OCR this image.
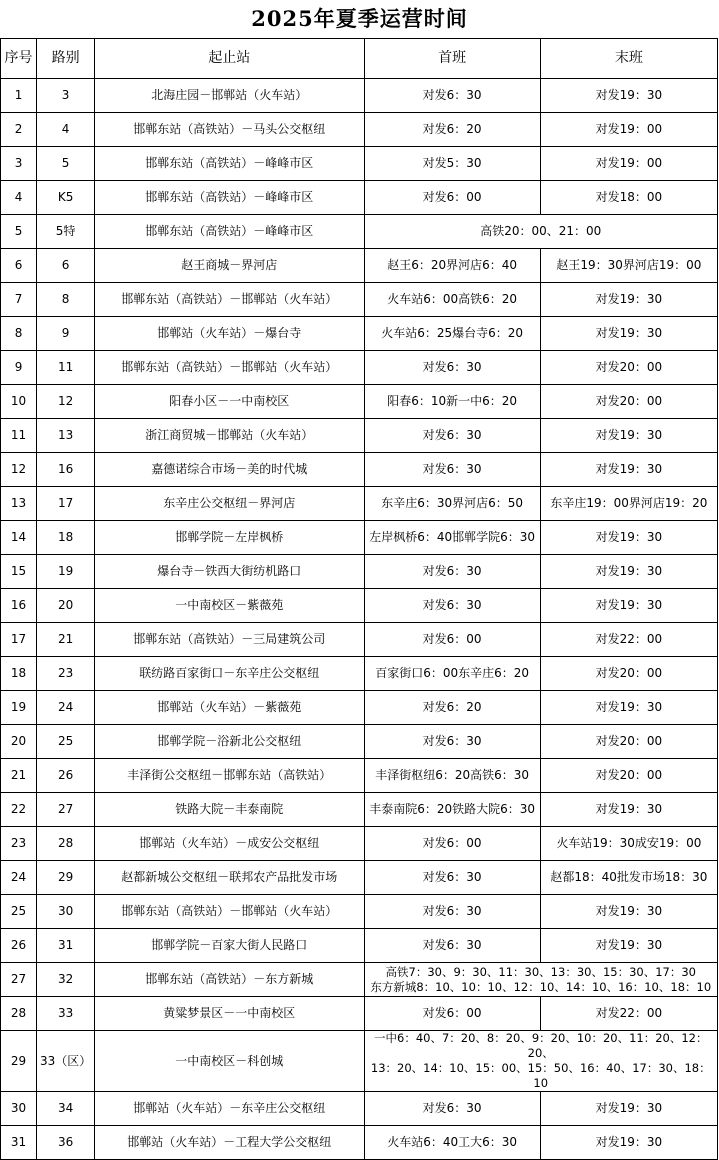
2025年夏季运营时间
序号	路别	起止站	首班	末班
1	3	北海庄园－邯郸站（火车站）	对发6：30	对发19：30
2	4	邯郸东站（高铁站）－马头公交枢纽	对发6：20	对发19：00
3	5	邯郸东站（高铁站）－峰峰市区	对发5：30	对发19：00
4	K5	邯郸东站（高铁站）－峰峰市区	对发6：00	对发18：00
5	5特	邯郸东站（高铁站）－峰峰市区	高铁20：00、21：00	
6	6	赵王商城－界河店	赵王6：20界河店6：40	赵王19：30界河店19：00
7	8	邯郸东站（高铁站）－邯郸站（火车站）	火车站6：00高铁6：20	对发19：30
8	9	邯郸站（火车站）－爆台寺	火车站6：25爆台寺6：20	对发19：30
9	11	邯郸东站（高铁站）－邯郸站（火车站）	对发6：30	对发20：00
10	12	阳春小区－一中南校区	阳春6：10新一中6：20	对发20：00
11	13	浙江商贸城－邯郸站（火车站）	对发6：30	对发19：30
12	16	嘉德诺综合市场－美的时代城	对发6：30	对发19：30
13	17	东辛庄公交枢纽－界河店	东辛庄6：30界河店6：50	东辛庄19：00界河店19：20
14	18	邯郸学院－左岸枫桥	左岸枫桥6：40邯郸学院6：30	对发19：30
15	19	爆台寺－铁西大街纺机路口	对发6：30	对发19：30
16	20	一中南校区－紫薇苑	对发6：30	对发19：30
17	21	邯郸东站（高铁站）－三局建筑公司	对发6：00	对发22：00
18	23	联纺路百家街口－东辛庄公交枢纽	百家街口6：00东辛庄6：20	对发20：00
19	24	邯郸站（火车站）－紫薇苑	对发6：20	对发19：30
20	25	邯郸学院－浴新北公交枢纽	对发6：30	对发20：00
21	26	丰泽街公交枢纽－邯郸东站（高铁站）	丰泽街枢纽6：20高铁6：30	对发20：00
22	27	铁路大院－丰泰南院	丰泰南院6：20铁路大院6：30	对发19：30
23	28	邯郸站（火车站）－成安公交枢纽	对发6：00	火车站19：30成安19：00
24	29	赵都新城公交枢纽－联邦农产品批发市场	对发6：30	赵都18：40批发市场18：30
25	30	邯郸东站（高铁站）－邯郸站（火车站）	对发6：30	对发19：30
26	31	邯郸学院－百家大街人民路口	对发6：30	对发19：30
27	32	邯郸东站（高铁站）－东方新城	高铁7：30、9：30、11：30、13：30、15：30、17：30
东方新城8：10、10：10、12：10、14：10、16：10、18：10	

28	33	黄粱梦景区－一中南校区	对发6：00	对发22：00
29	33（区）	一中南校区－科创城	一中6：40、7：20、8：20、9：20、10：20、11：20、12：20、
13：20、14：10、15：00、15：50、16：40、17：30、18：10	

30	34	邯郸站（火车站）－东辛庄公交枢纽	对发6：30	对发19：30
31	36	邯郸站（火车站）－工程大学公交枢纽	火车站6：40工大6：30	对发19：30
